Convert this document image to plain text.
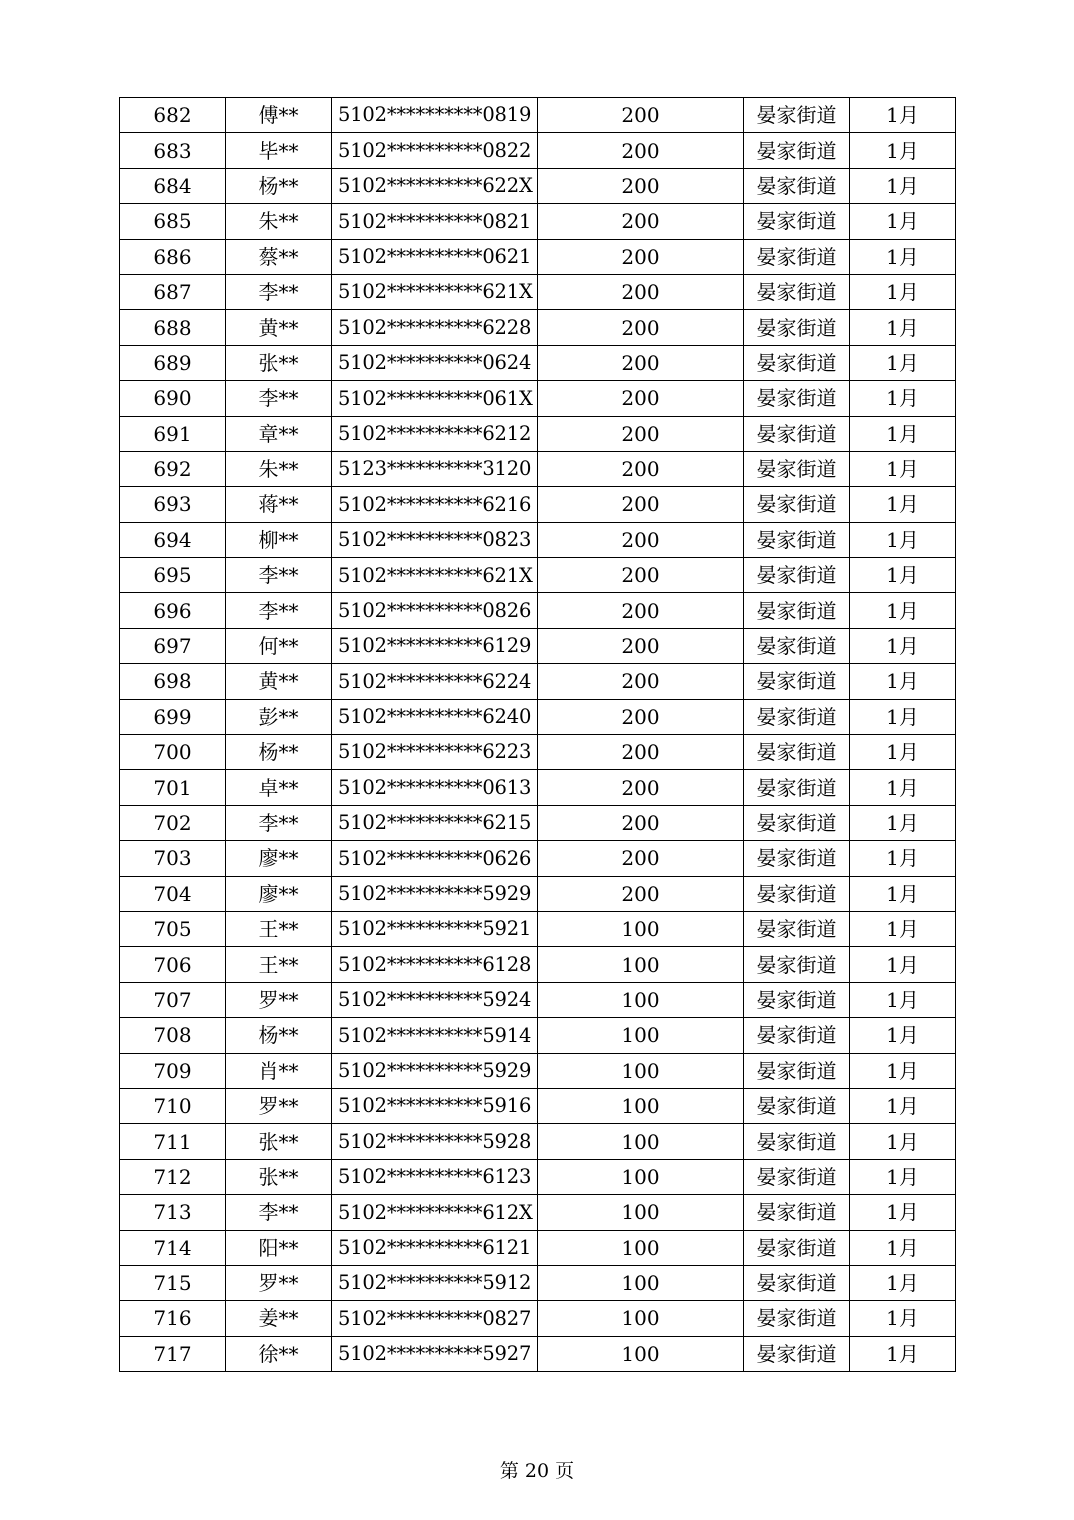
682	傅**	5102**********0819	200	晏家街道	1月
683	毕**	5102**********0822	200	晏家街道	1月
684	杨**	5102**********622X	200	晏家街道	1月
685	朱**	5102**********0821	200	晏家街道	1月
686	蔡**	5102**********0621	200	晏家街道	1月
687	李**	5102**********621X	200	晏家街道	1月
688	黄**	5102**********6228	200	晏家街道	1月
689	张**	5102**********0624	200	晏家街道	1月
690	李**	5102**********061X	200	晏家街道	1月
691	章**	5102**********6212	200	晏家街道	1月
692	朱**	5123**********3120	200	晏家街道	1月
693	蒋**	5102**********6216	200	晏家街道	1月
694	柳**	5102**********0823	200	晏家街道	1月
695	李**	5102**********621X	200	晏家街道	1月
696	李**	5102**********0826	200	晏家街道	1月
697	何**	5102**********6129	200	晏家街道	1月
698	黄**	5102**********6224	200	晏家街道	1月
699	彭**	5102**********6240	200	晏家街道	1月
700	杨**	5102**********6223	200	晏家街道	1月
701	卓**	5102**********0613	200	晏家街道	1月
702	李**	5102**********6215	200	晏家街道	1月
703	廖**	5102**********0626	200	晏家街道	1月
704	廖**	5102**********5929	200	晏家街道	1月
705	王**	5102**********5921	100	晏家街道	1月
706	王**	5102**********6128	100	晏家街道	1月
707	罗**	5102**********5924	100	晏家街道	1月
708	杨**	5102**********5914	100	晏家街道	1月
709	肖**	5102**********5929	100	晏家街道	1月
710	罗**	5102**********5916	100	晏家街道	1月
711	张**	5102**********5928	100	晏家街道	1月
712	张**	5102**********6123	100	晏家街道	1月
713	李**	5102**********612X	100	晏家街道	1月
714	阳**	5102**********6121	100	晏家街道	1月
715	罗**	5102**********5912	100	晏家街道	1月
716	姜**	5102**********0827	100	晏家街道	1月
717	徐**	5102**********5927	100	晏家街道	1月
第 20 页
